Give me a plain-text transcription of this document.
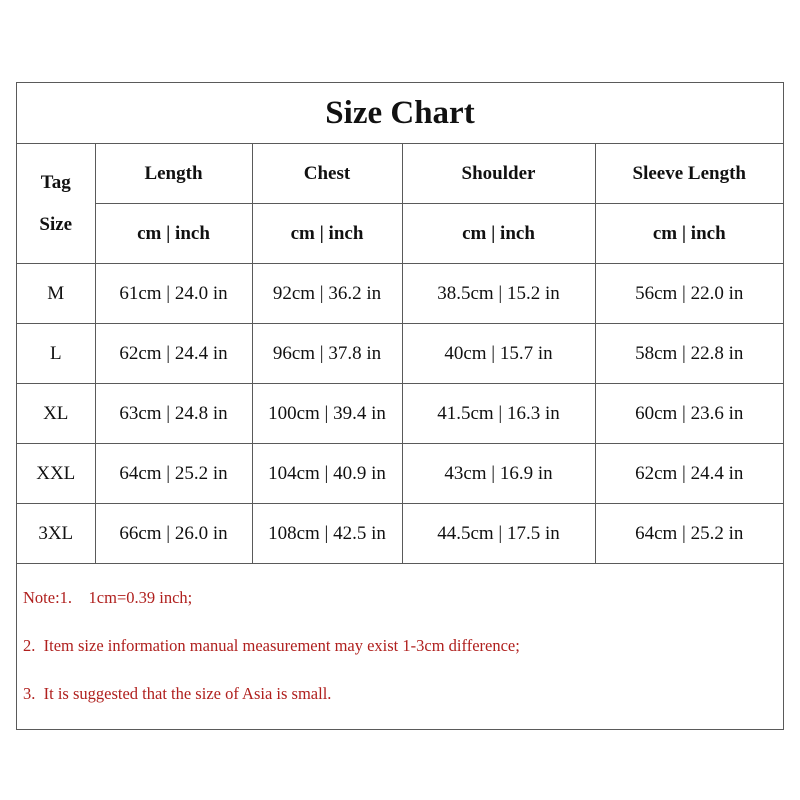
Size Chart
Tag
Size	Length	Chest	Shoulder	Sleeve Length
	cm | inch	cm | inch	cm | inch	cm | inch
M	61cm | 24.0 in	92cm | 36.2 in	38.5cm | 15.2 in	56cm | 22.0 in
L	62cm | 24.4 in	96cm | 37.8 in	40cm | 15.7 in	58cm | 22.8 in
XL	63cm | 24.8 in	100cm | 39.4 in	41.5cm | 16.3 in	60cm | 23.6 in
XXL	64cm | 25.2 in	104cm | 40.9 in	43cm | 16.9 in	62cm | 24.4 in
3XL	66cm | 26.0 in	108cm | 42.5 in	44.5cm | 17.5 in	64cm | 25.2 in
Note:1.    1cm=0.39 inch;
2.  Item size information manual measurement may exist 1-3cm difference;
3.  It is suggested that the size of Asia is small.
